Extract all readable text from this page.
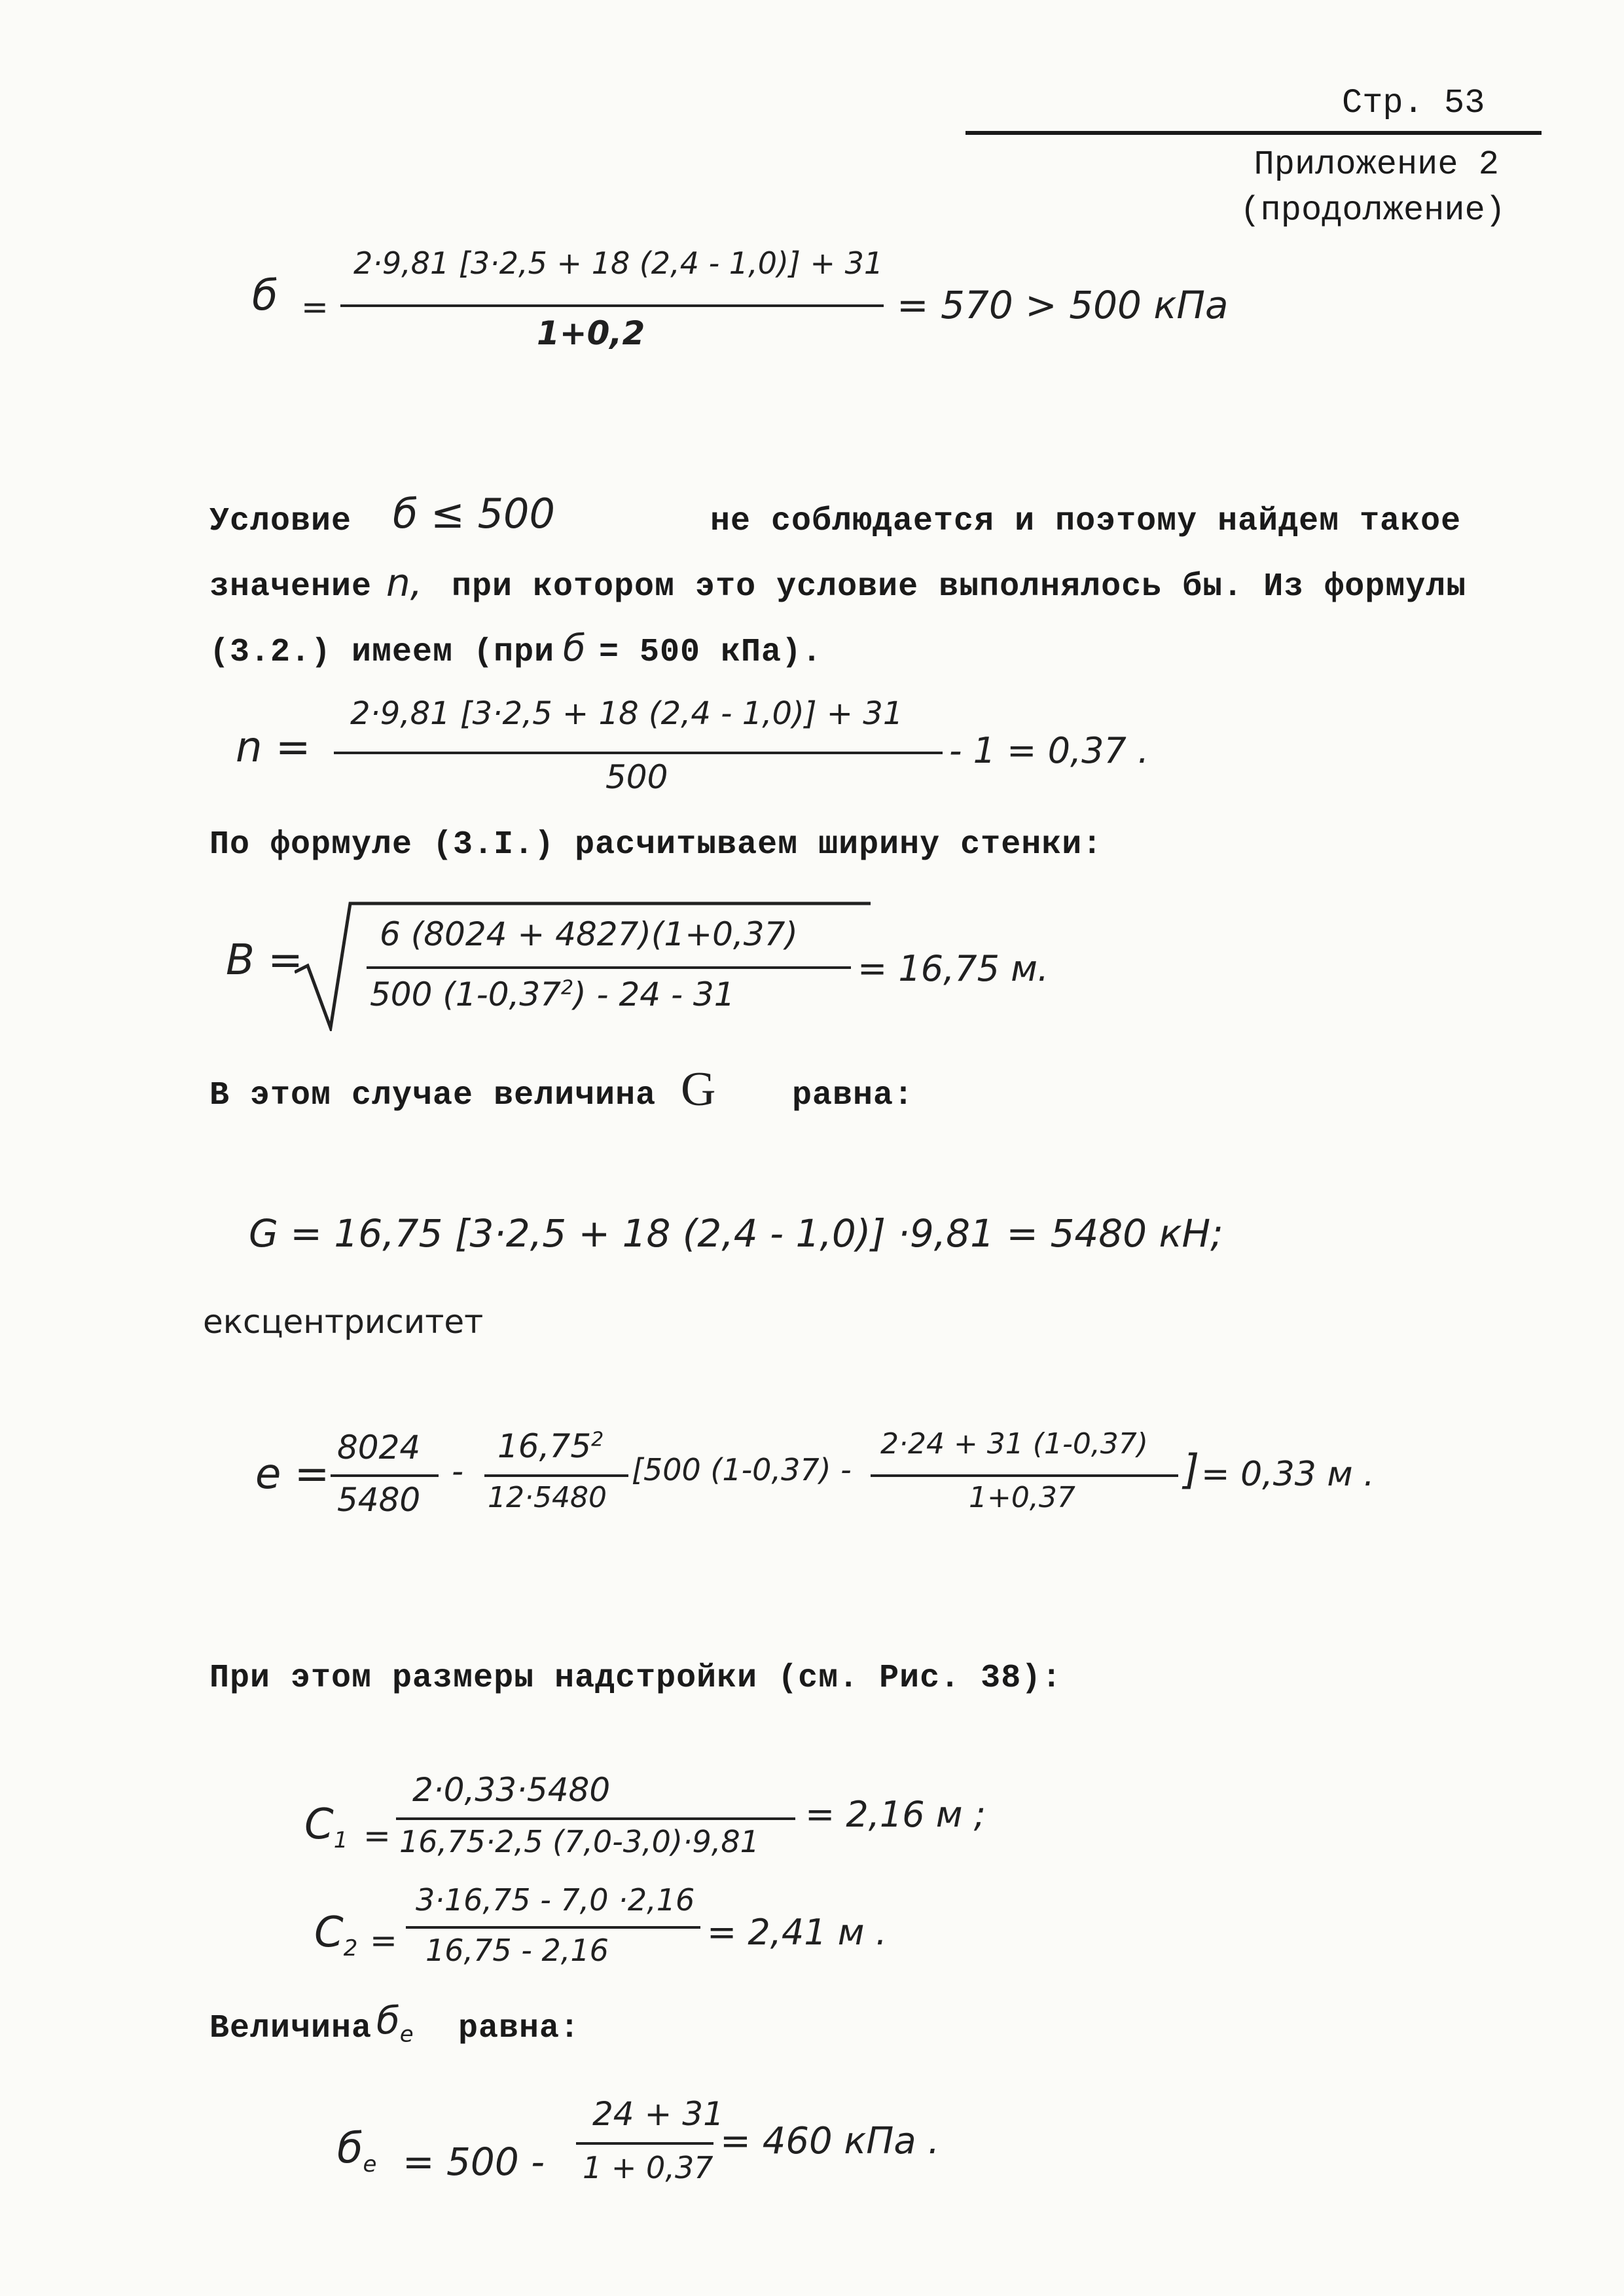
Стр. 53
Приложение 2
(продолжение)
б =
2·9,81 [3·2,5 + 18 (2,4 - 1,0)] + 31
1+0,2
= 570 > 500 кПа
Условие б ≤ 500	не соблюдается и поэтому найдем такое
значение n, при котором это условие выполнялось бы. Из формулы
(3.2.) имеем (при б = 500 кПа).
n =
2·9,81 [3·2,5 + 18 (2,4 - 1,0)] + 31
500
- 1 = 0,37 .
По формуле (3.I.) расчитываем ширину стенки:
B =
6 (8024 + 4827)(1+0,37)
500 (1-0,37$^2$) - 24 - 31
= 16,75 м.
В этом случае величина G равна:
G = 16,75 [3·2,5 + 18 (2,4 - 1,0)] ·9,81 = 5480 кН;
ексцентриситет
e =
8024
5480
-
16,75$^2$
12·5480
[500 (1-0,37) -
2·24 + 31 (1-0,37)
1+0,37
] = 0,33 м .
При этом размеры надстройки (см. Рис. 38):
$C_1$ =
2·0,33·5480
16,75·2,5 (7,0-3,0)·9,81
= 2,16 м ;
$C_2$ =
3·16,75 - 7,0 ·2,16
16,75 - 2,16	= 2,41 м .
Величина $б_e$ равна:
$б_e = 500$ -
24 + 31
1 + 0,37
= 460 кПа .
